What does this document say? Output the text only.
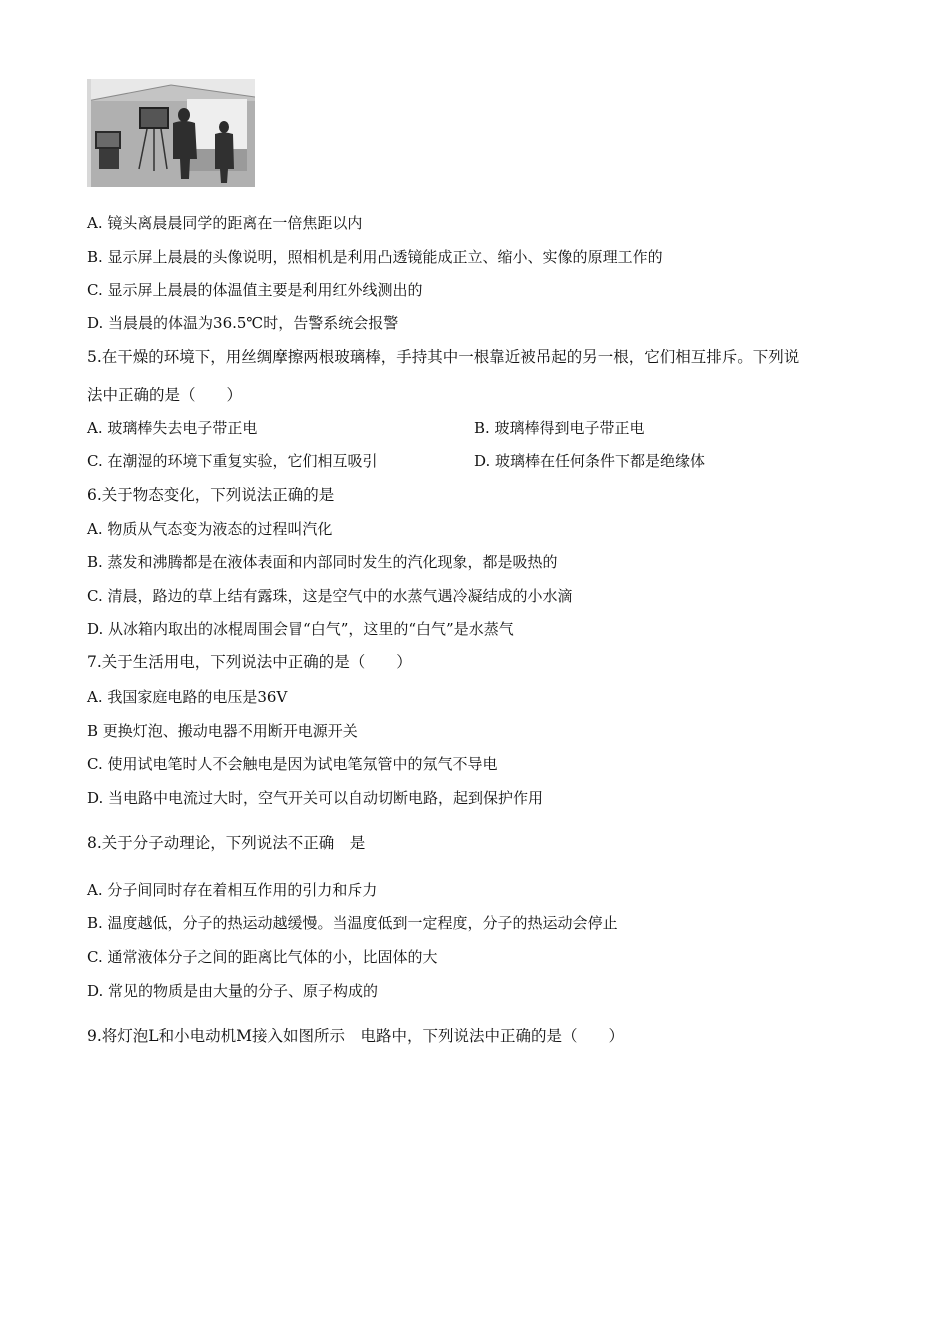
A. 镜头离晨晨同学的距离在一倍焦距以内
B. 显示屏上晨晨的头像说明，照相机是利用凸透镜能成正立、缩小、实像的原理工作的
C. 显示屏上晨晨的体温值主要是利用红外线测出的
D. 当晨晨的体温为36.5℃时，告警系统会报警
5.在干燥的环境下，用丝绸摩擦两根玻璃棒，手持其中一根靠近被吊起的另一根，它们相互排斥。下列说
法中正确的是（　　）
A. 玻璃棒失去电子带正电	B. 玻璃棒得到电子带正电
C. 在潮湿的环境下重复实验，它们相互吸引	D. 玻璃棒在任何条件下都是绝缘体
6.关于物态变化，下列说法正确的是
A. 物质从气态变为液态的过程叫汽化
B. 蒸发和沸腾都是在液体表面和内部同时发生的汽化现象，都是吸热的
C. 清晨，路边的草上结有露珠，这是空气中的水蒸气遇冷凝结成的小水滴
D. 从冰箱内取出的冰棍周围会冒“白气”，这里的“白气”是水蒸气
7.关于生活用电，下列说法中正确的是（　　）
A. 我国家庭电路的电压是36V
B 更换灯泡、搬动电器不用断开电源开关
C. 使用试电笔时人不会触电是因为试电笔氖管中的氖气不导电
D. 当电路中电流过大时，空气开关可以自动切断电路，起到保护作用
8.关于分子动理论，下列说法不正确　是
A. 分子间同时存在着相互作用的引力和斥力
B. 温度越低，分子的热运动越缓慢。当温度低到一定程度，分子的热运动会停止
C. 通常液体分子之间的距离比气体的小，比固体的大
D. 常见的物质是由大量的分子、原子构成的
9.将灯泡L和小电动机M接入如图所示　电路中，下列说法中正确的是（　　）
